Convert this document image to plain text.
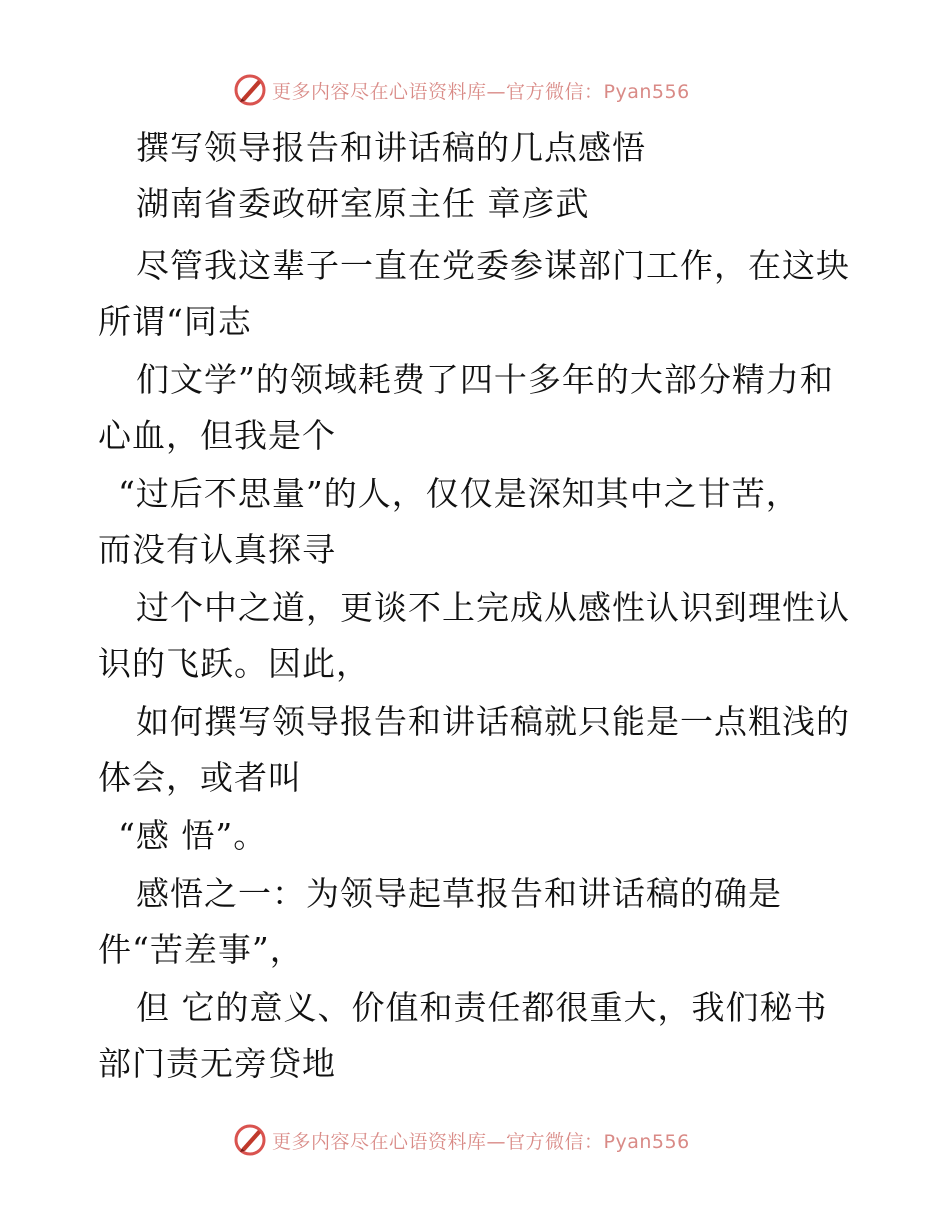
更多内容尽在心语资料库—官方微信：Pyan556
撰写领导报告和讲话稿的几点感悟
湖南省委政研室原主任 章彦武
尽管我这辈子一直在党委参谋部门工作，在这块
所谓“同志
们文学”的领域耗费了四十多年的大部分精力和
心血，但我是个
“过后不思量”的人，仅仅是深知其中之甘苦，
而没有认真探寻
过个中之道，更谈不上完成从感性认识到理性认
识的飞跃。因此，
如何撰写领导报告和讲话稿就只能是一点粗浅的
体会，或者叫
“感 悟”。
感悟之一：为领导起草报告和讲话稿的确是
件“苦差事”，
但 它的意义、价值和责任都很重大，我们秘书
部门责无旁贷地
更多内容尽在心语资料库—官方微信：Pyan556
